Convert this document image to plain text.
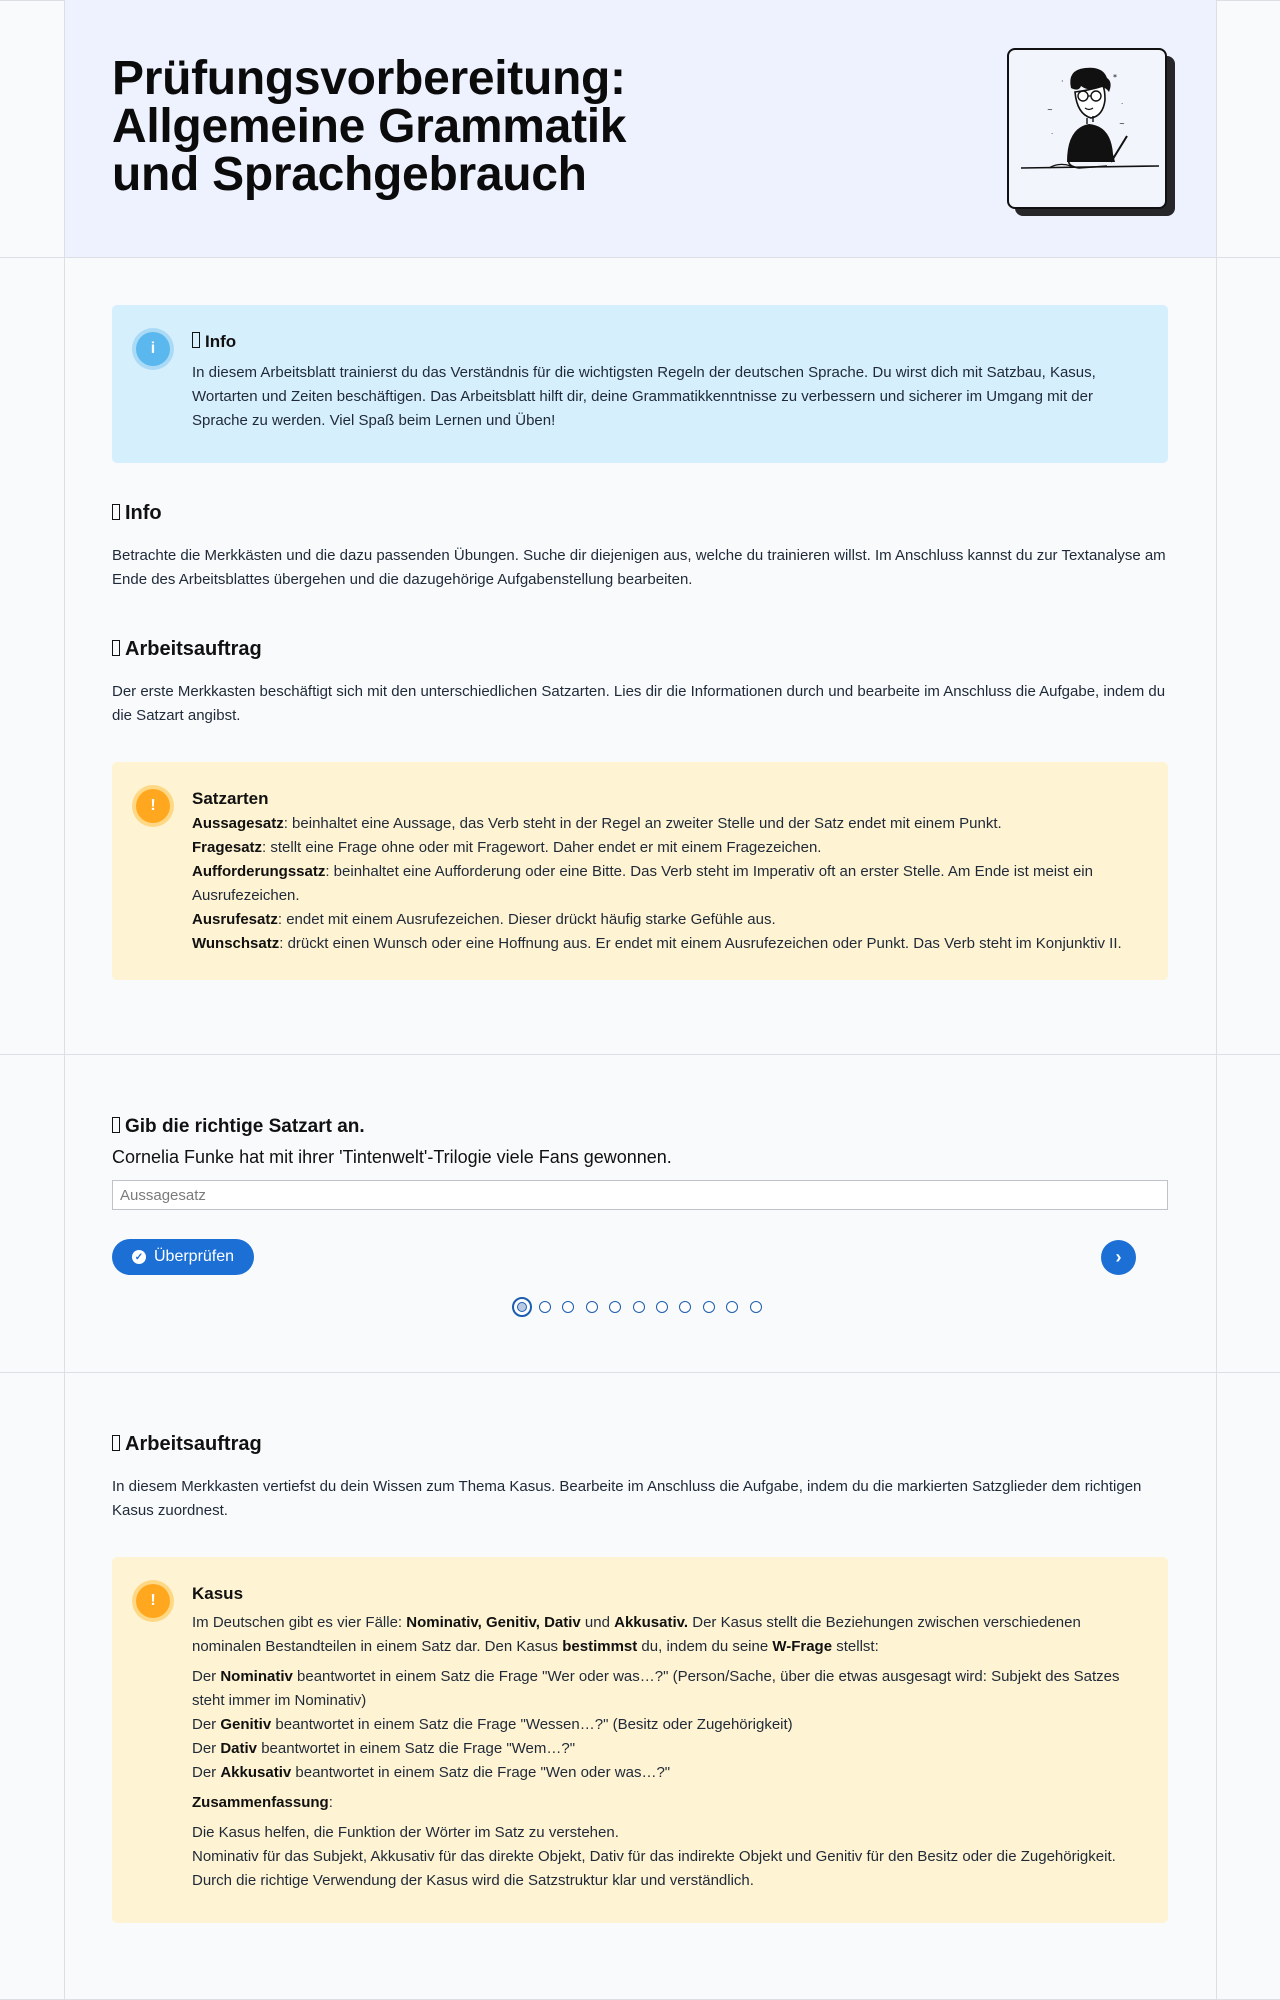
Prüfungsvorbereitung:
Allgemeine Grammatik
und Sprachgebrauch
·	*
~
~
·
·
i	Info
In diesem Arbeitsblatt trainierst du das Verständnis für die wichtigsten Regeln der deutschen Sprache. Du wirst dich mit Satzbau, Kasus, Wortarten und Zeiten beschäftigen. Das Arbeitsblatt hilft dir, deine Grammatikkenntnisse zu verbessern und sicherer im Umgang mit der Sprache zu werden. Viel Spaß beim Lernen und Üben!
Info
Betrachte die Merkkästen und die dazu passenden Übungen. Suche dir diejenigen aus, welche du trainieren willst. Im Anschluss kannst du zur Textanalyse am Ende des Arbeitsblattes übergehen und die dazugehörige Aufgabenstellung bearbeiten.
Arbeitsauftrag
Der erste Merkkasten beschäftigt sich mit den unterschiedlichen Satzarten. Lies dir die Informationen durch und bearbeite im Anschluss die Aufgabe, indem du die Satzart angibst.
!	Satzarten
Aussagesatz: beinhaltet eine Aussage, das Verb steht in der Regel an zweiter Stelle und der Satz endet mit einem Punkt.
Fragesatz: stellt eine Frage ohne oder mit Fragewort. Daher endet er mit einem Fragezeichen.
Aufforderungssatz: beinhaltet eine Aufforderung oder eine Bitte. Das Verb steht im Imperativ oft an erster Stelle. Am Ende ist meist ein Ausrufezeichen.
Ausrufesatz: endet mit einem Ausrufezeichen. Dieser drückt häufig starke Gefühle aus.
Wunschsatz: drückt einen Wunsch oder eine Hoffnung aus. Er endet mit einem Ausrufezeichen oder Punkt. Das Verb steht im Konjunktiv II.
Gib die richtige Satzart an.
Cornelia Funke hat mit ihrer 'Tintenwelt'-Trilogie viele Fans gewonnen.
Aussagesatz
✓ Überprüfen	›
Arbeitsauftrag
In diesem Merkkasten vertiefst du dein Wissen zum Thema Kasus. Bearbeite im Anschluss die Aufgabe, indem du die markierten Satzglieder dem richtigen Kasus zuordnest.
!	Kasus
Im Deutschen gibt es vier Fälle: Nominativ, Genitiv, Dativ und Akkusativ. Der Kasus stellt die Beziehungen zwischen verschiedenen nominalen Bestandteilen in einem Satz dar. Den Kasus bestimmst du, indem du seine W-Frage stellst:
Der Nominativ beantwortet in einem Satz die Frage "Wer oder was…?" (Person/Sache, über die etwas ausgesagt wird: Subjekt des Satzes steht immer im Nominativ)
Der Genitiv beantwortet in einem Satz die Frage "Wessen…?" (Besitz oder Zugehörigkeit)
Der Dativ beantwortet in einem Satz die Frage "Wem…?"
Der Akkusativ beantwortet in einem Satz die Frage "Wen oder was…?"
Zusammenfassung:
Die Kasus helfen, die Funktion der Wörter im Satz zu verstehen.
Nominativ für das Subjekt, Akkusativ für das direkte Objekt, Dativ für das indirekte Objekt und Genitiv für den Besitz oder die Zugehörigkeit.
Durch die richtige Verwendung der Kasus wird die Satzstruktur klar und verständlich.
